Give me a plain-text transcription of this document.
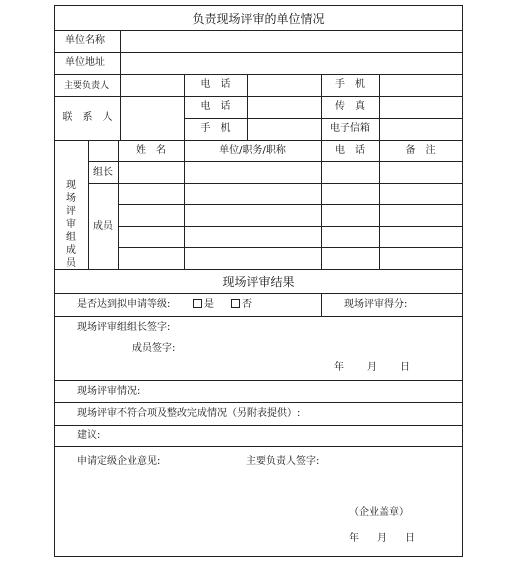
负责现场评审的单位情况
单位名称
单位地址
主要负责人	电　话	手　机
联　系　人
电　话	传　真
手　机	电子信箱
现场评审组成员
姓　名	单位/职务/职称	电　话	备　注
组长
成员
现场评审结果
是否达到拟申请等级:	是	否	现场评审得分:
现场评审组组长签字:
成员签字:
年 月 日
现场评审情况:
现场评审不符合项及整改完成情况（另附表提供）:
建议:
申请定级企业意见:	主要负责人签字:
（企业盖章）
年 月 日
